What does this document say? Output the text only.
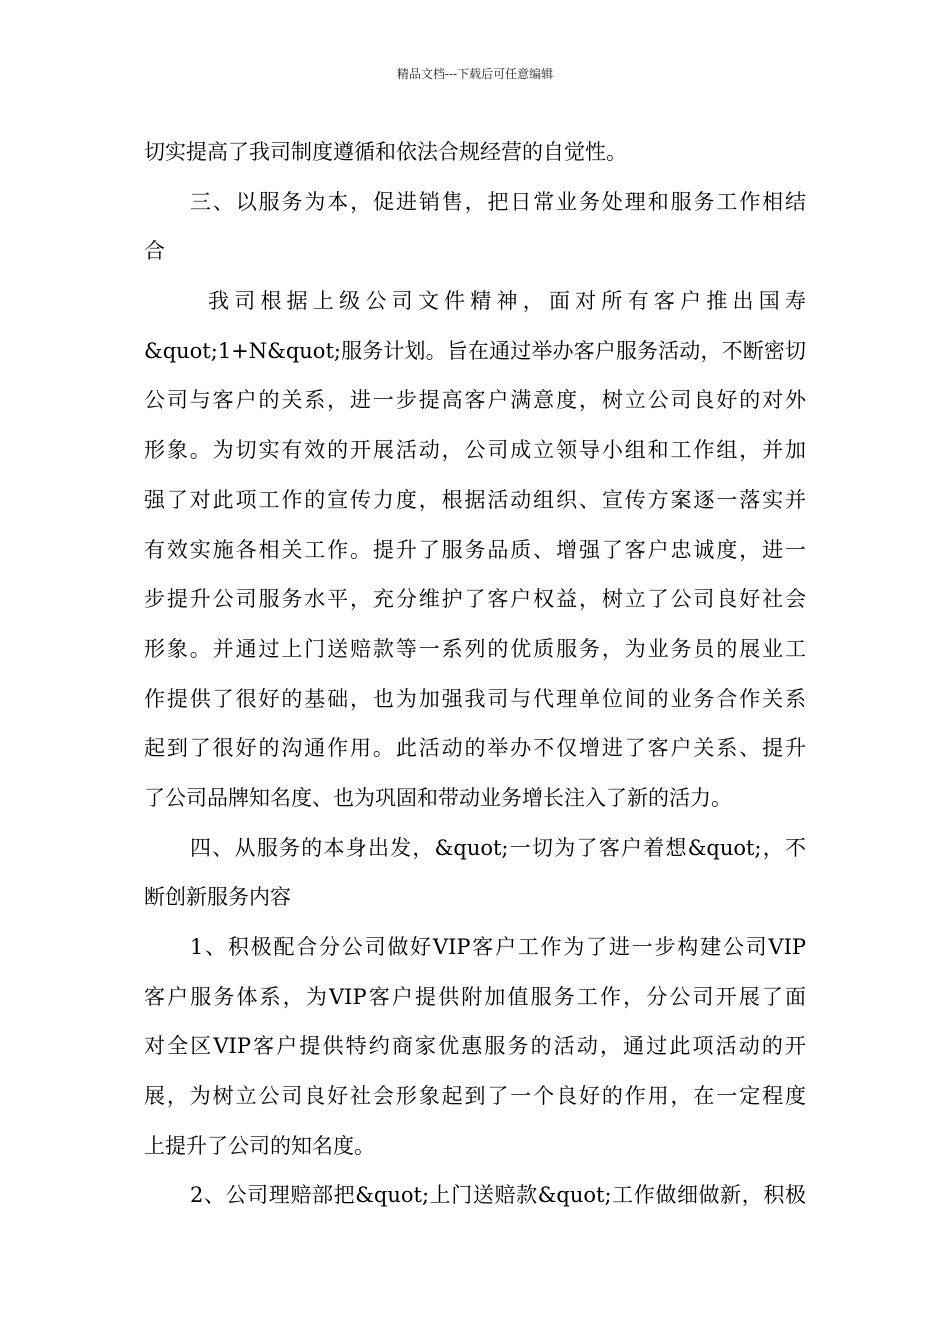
精品文档---下载后可任意编辑
切实提高了我司制度遵循和依法合规经营的自觉性。
三、以服务为本，促进销售，把日常业务处理和服务工作相结
合
我司根据上级公司文件精神，面对所有客户推出国寿
&quot;1+N&quot;服务计划。旨在通过举办客户服务活动，不断密切
公司与客户的关系，进一步提高客户满意度，树立公司良好的对外
形象。为切实有效的开展活动，公司成立领导小组和工作组，并加
强了对此项工作的宣传力度，根据活动组织、宣传方案逐一落实并
有效实施各相关工作。提升了服务品质、增强了客户忠诚度，进一
步提升公司服务水平，充分维护了客户权益，树立了公司良好社会
形象。并通过上门送赔款等一系列的优质服务，为业务员的展业工
作提供了很好的基础，也为加强我司与代理单位间的业务合作关系
起到了很好的沟通作用。此活动的举办不仅增进了客户关系、提升
了公司品牌知名度、也为巩固和带动业务增长注入了新的活力。
四、从服务的本身出发，&quot;一切为了客户着想&quot;，不
断创新服务内容
1、积极配合分公司做好VIP客户工作为了进一步构建公司VIP
客户服务体系，为VIP客户提供附加值服务工作，分公司开展了面
对全区VIP客户提供特约商家优惠服务的活动，通过此项活动的开
展，为树立公司良好社会形象起到了一个良好的作用，在一定程度
上提升了公司的知名度。
2、公司理赔部把&quot;上门送赔款&quot;工作做细做新，积极
